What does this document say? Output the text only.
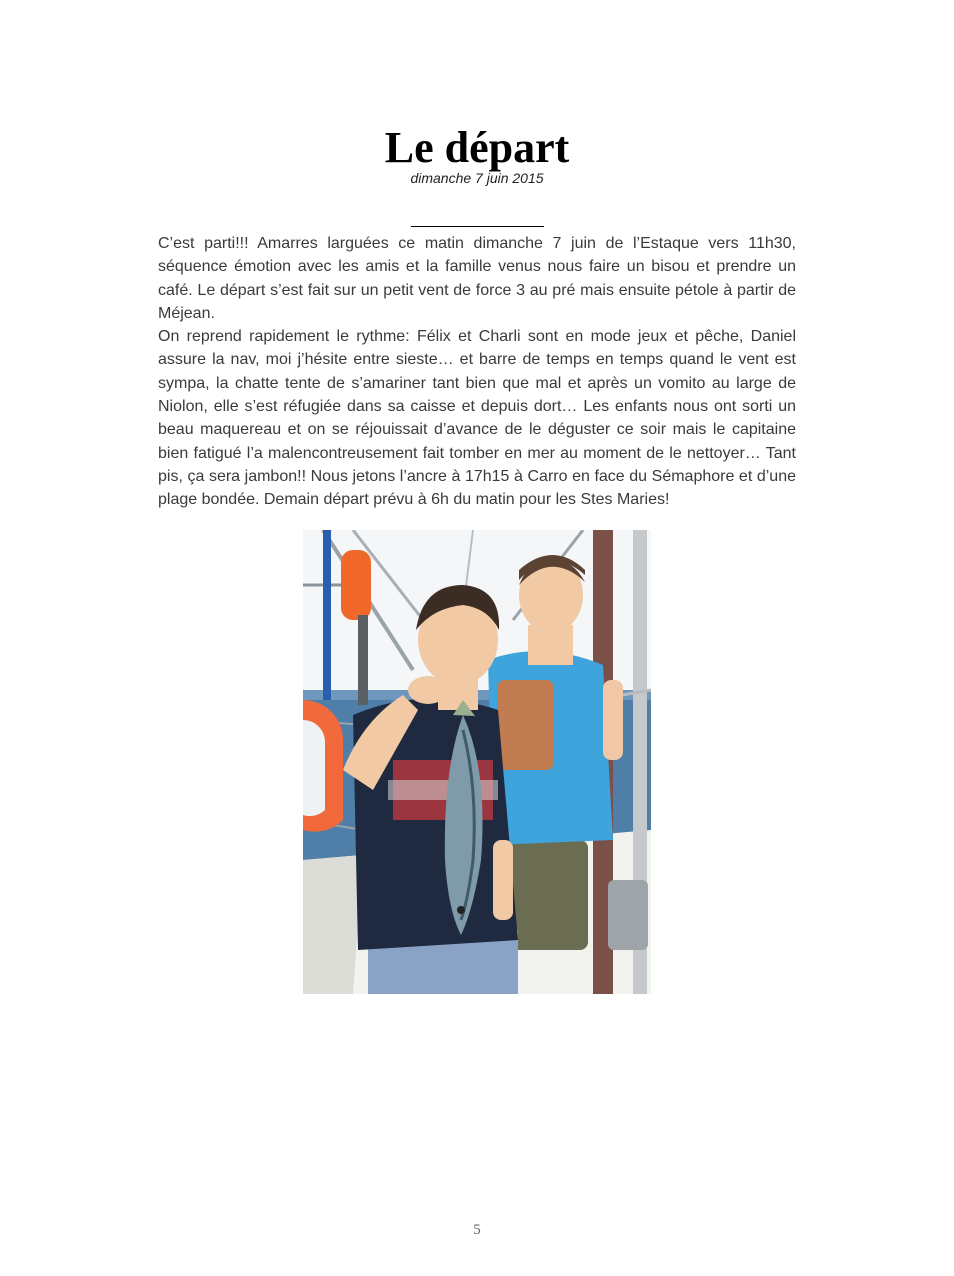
Le départ
dimanche 7 juin 2015

C’est parti!!! Amarres larguées ce matin dimanche 7 juin de l’Estaque vers 11h30, séquence émotion avec les amis et la famille venus nous faire un bisou et prendre un café. Le départ s’est fait sur un petit vent de force 3 au pré mais ensuite pétole à partir de Méjean.

On reprend rapidement le rythme: Félix et Charli sont en mode jeux et pêche, Daniel assure la nav, moi j’hésite entre sieste… et barre de temps en temps quand le vent est sympa, la chatte tente de s’amariner tant bien que mal et après un vomito au large de Niolon, elle s’est réfugiée dans sa caisse et depuis dort… Les enfants nous ont sorti un beau maquereau et on se réjouissait d’avance de le déguster ce soir mais le capitaine bien fatigué l’a malencontreusement fait tomber en mer au moment de le nettoyer… Tant pis, ça sera jambon!! Nous jetons l’ancre à 17h15 à Carro en face du Sémaphore et d’une plage bondée. Demain départ prévu à 6h du matin pour les Stes Maries!

5
